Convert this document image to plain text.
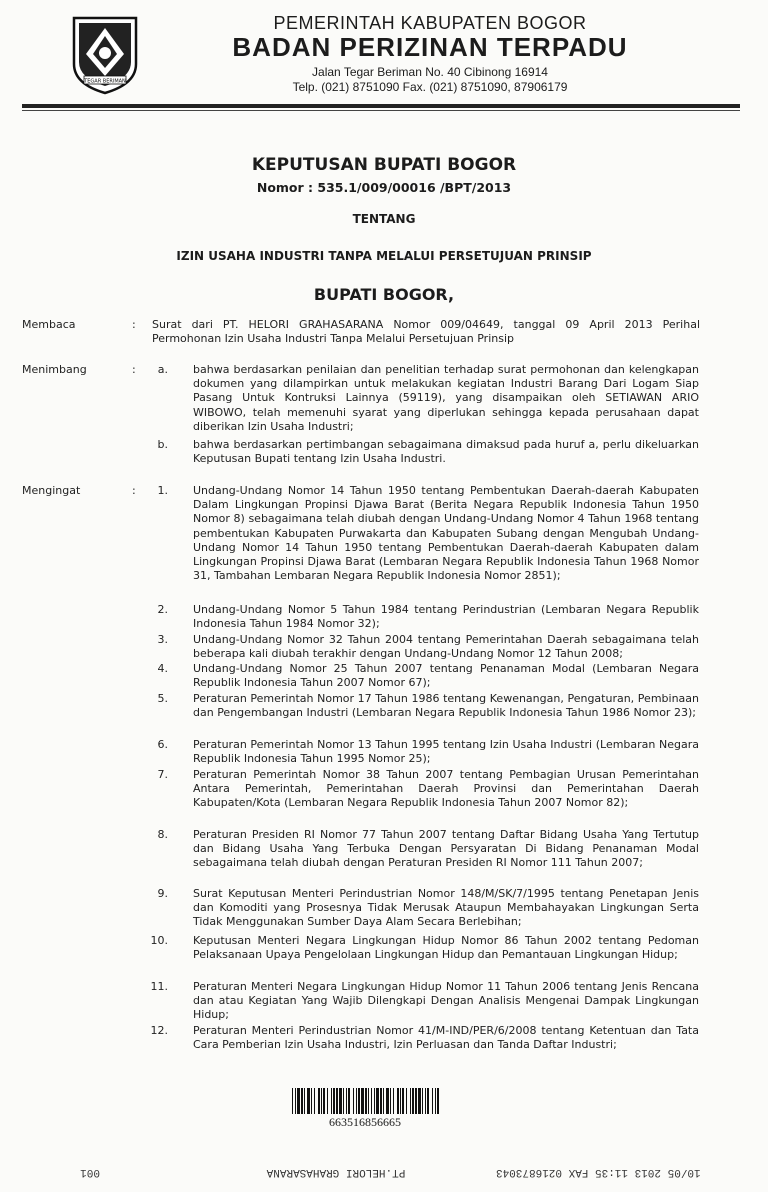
TEGAR BERIMAN
PEMERINTAH KABUPATEN BOGOR
BADAN PERIZINAN TERPADU
Jalan Tegar Beriman No. 40 Cibinong 16914
Telp. (021) 8751090 Fax. (021) 8751090, 87906179
KEPUTUSAN BUPATI BOGOR
Nomor : 535.1/009/00016 /BPT/2013
TENTANG
IZIN USAHA INDUSTRI TANPA MELALUI PERSETUJUAN PRINSIP
BUPATI BOGOR,
Membaca	: Surat dari PT. HELORI GRAHASARANA Nomor 009/04649, tanggal 09 April 2013 Perihal Permohonan Izin Usaha Industri Tanpa Melalui Persetujuan Prinsip
Menimbang	:	a. bahwa berdasarkan penilaian dan penelitian terhadap surat permohonan dan kelengkapan dokumen yang dilampirkan untuk melakukan kegiatan Industri Barang Dari Logam Siap Pasang Untuk Kontruksi Lainnya (59119), yang disampaikan oleh SETIAWAN ARIO WIBOWO, telah memenuhi syarat yang diperlukan sehingga kepada perusahaan dapat diberikan Izin Usaha Industri;
b. bahwa berdasarkan pertimbangan sebagaimana dimaksud pada huruf a, perlu dikeluarkan Keputusan Bupati tentang Izin Usaha Industri.
Mengingat	:	1. Undang-Undang Nomor 14 Tahun 1950 tentang Pembentukan Daerah-daerah Kabupaten Dalam Lingkungan Propinsi Djawa Barat (Berita Negara Republik Indonesia Tahun 1950 Nomor 8) sebagaimana telah diubah dengan Undang-Undang Nomor 4 Tahun 1968 tentang pembentukan Kabupaten Purwakarta dan Kabupaten Subang dengan Mengubah Undang-Undang Nomor 14 Tahun 1950 tentang Pembentukan Daerah-daerah Kabupaten dalam Lingkungan Propinsi Djawa Barat (Lembaran Negara Republik Indonesia Tahun 1968 Nomor 31, Tambahan Lembaran Negara Republik Indonesia Nomor 2851);
2. Undang-Undang Nomor 5 Tahun 1984 tentang Perindustrian (Lembaran Negara Republik Indonesia Tahun 1984 Nomor 32);
3. Undang-Undang Nomor 32 Tahun 2004 tentang Pemerintahan Daerah sebagaimana telah beberapa kali diubah terakhir dengan Undang-Undang Nomor 12 Tahun 2008;
4. Undang-Undang Nomor 25 Tahun 2007 tentang Penanaman Modal (Lembaran Negara Republik Indonesia Tahun 2007 Nomor 67);
5. Peraturan Pemerintah Nomor 17 Tahun 1986 tentang Kewenangan, Pengaturan, Pembinaan dan Pengembangan Industri (Lembaran Negara Republik Indonesia Tahun 1986 Nomor 23);
6. Peraturan Pemerintah Nomor 13 Tahun 1995 tentang Izin Usaha Industri (Lembaran Negara Republik Indonesia Tahun 1995 Nomor 25);
7. Peraturan Pemerintah Nomor 38 Tahun 2007 tentang Pembagian Urusan Pemerintahan Antara Pemerintah, Pemerintahan Daerah Provinsi dan Pemerintahan Daerah Kabupaten/Kota (Lembaran Negara Republik Indonesia Tahun 2007 Nomor 82);
8. Peraturan Presiden RI Nomor 77 Tahun 2007 tentang Daftar Bidang Usaha Yang Tertutup dan Bidang Usaha Yang Terbuka Dengan Persyaratan Di Bidang Penanaman Modal sebagaimana telah diubah dengan Peraturan Presiden RI Nomor 111 Tahun 2007;
9. Surat Keputusan Menteri Perindustrian Nomor 148/M/SK/7/1995 tentang Penetapan Jenis dan Komoditi yang Prosesnya Tidak Merusak Ataupun Membahayakan Lingkungan Serta Tidak Menggunakan Sumber Daya Alam Secara Berlebihan;
10. Keputusan Menteri Negara Lingkungan Hidup Nomor 86 Tahun 2002 tentang Pedoman Pelaksanaan Upaya Pengelolaan Lingkungan Hidup dan Pemantauan Lingkungan Hidup;
11. Peraturan Menteri Negara Lingkungan Hidup Nomor 11 Tahun 2006 tentang Jenis Rencana dan atau Kegiatan Yang Wajib Dilengkapi Dengan Analisis Mengenai Dampak Lingkungan Hidup;
12. Peraturan Menteri Perindustrian Nomor 41/M-IND/PER/6/2008 tentang Ketentuan dan Tata Cara Pemberian Izin Usaha Industri, Izin Perluasan dan Tanda Daftar Industri;
663516856665
001	PT.HELORI GRAHASARANA	10/05 2013 11:35 FAX 0216873043
